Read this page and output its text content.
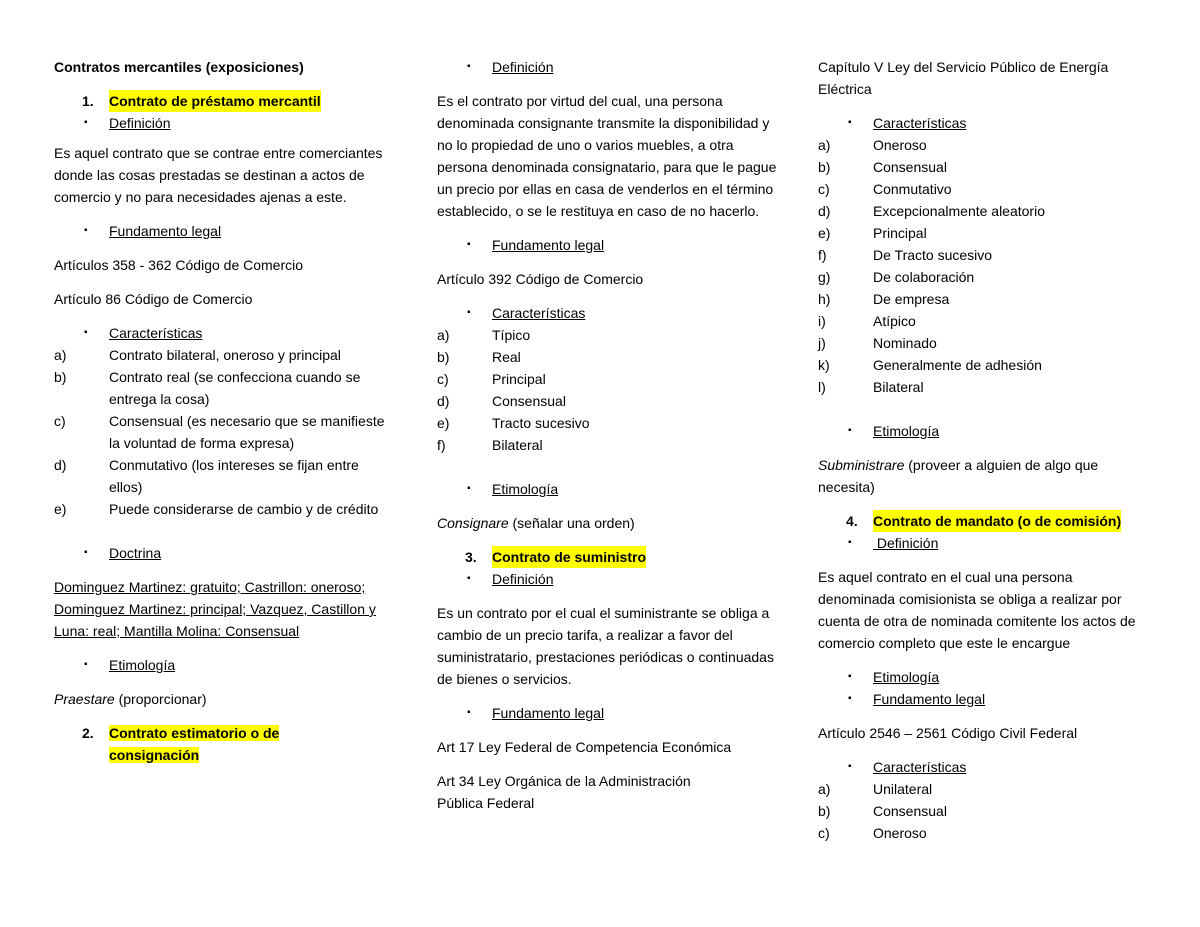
Contratos mercantiles (exposiciones)
1.	Contrato de préstamo mercantil
▪	Definición
Es aquel contrato que se contrae entre comerciantes donde las cosas prestadas se destinan a actos de comercio y no para necesidades ajenas a este.
▪	Fundamento legal
Artículos 358 - 362 Código de Comercio
Artículo 86 Código de Comercio
▪	Características
a)	Contrato bilateral, oneroso y principal
b)	Contrato real (se confecciona cuando se entrega la cosa)
c)	Consensual (es necesario que se manifieste la voluntad de forma expresa)
d)	Conmutativo (los intereses se fijan entre ellos)
e)	Puede considerarse de cambio y de crédito
▪	Doctrina
Dominguez Martinez: gratuito; Castrillon: oneroso; Dominguez Martinez: principal; Vazquez, Castillon y Luna: real; Mantilla Molina: Consensual
▪	Etimología
Praestare (proporcionar)
2.	Contrato estimatorio o de consignación
▪	Definición
Es el contrato por virtud del cual, una persona denominada consignante transmite la disponibilidad y no lo propiedad de uno o varios muebles, a otra persona denominada consignatario, para que le pague un precio por ellas en casa de venderlos en el término establecido, o se le restituya en caso de no hacerlo.
▪	Fundamento legal
Artículo 392 Código de Comercio
▪	Características
a)	Típico
b)	Real
c)	Principal
d)	Consensual
e)	Tracto sucesivo
f)	Bilateral
▪	Etimología
Consignare (señalar una orden)
3.	Contrato de suministro
▪	Definición
Es un contrato por el cual el suministrante se obliga a cambio de un precio tarifa, a realizar a favor del suministratario, prestaciones periódicas o continuadas de bienes o servicios.
▪	Fundamento legal
Art 17 Ley Federal de Competencia Económica
Art 34 Ley Orgánica de la Administración Pública Federal
Capítulo V Ley del Servicio Público de Energía Eléctrica
▪	Características
a)	Oneroso
b)	Consensual
c)	Conmutativo
d)	Excepcionalmente aleatorio
e)	Principal
f)	De Tracto sucesivo
g)	De colaboración
h)	De empresa
i)	Atípico
j)	Nominado
k)	Generalmente de adhesión
l)	Bilateral
▪	Etimología
Subministrare (proveer a alguien de algo que necesita)
4.	Contrato de mandato (o de comisión)
▪	Definición
Es aquel contrato en el cual una persona denominada comisionista se obliga a realizar por cuenta de otra de nominada comitente los actos de comercio completo que este le encargue
▪	Etimología
▪	Fundamento legal
Artículo 2546 – 2561 Código Civil Federal
▪	Características
a)	Unilateral
b)	Consensual
c)	Oneroso
